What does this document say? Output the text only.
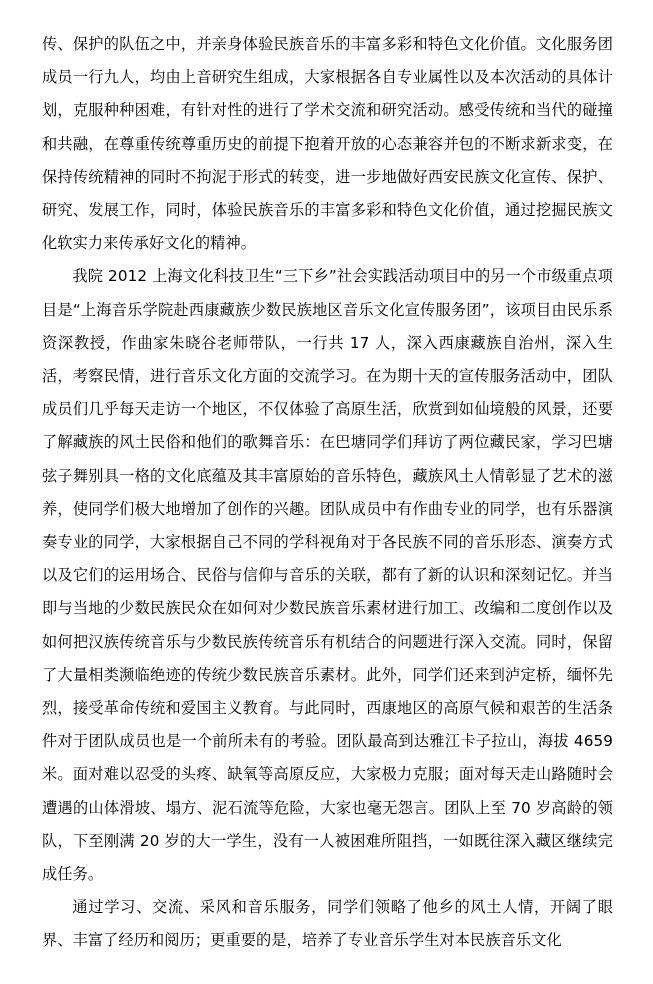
传、保护的队伍之中，并亲身体验民族音乐的丰富多彩和特色文化价值。文化服务团成员一行九人，均由上音研究生组成，大家根据各自专业属性以及本次活动的具体计划，克服种种困难，有针对性的进行了学术交流和研究活动。感受传统和当代的碰撞和共融，在尊重传统尊重历史的前提下抱着开放的心态兼容并包的不断求新求变，在保持传统精神的同时不拘泥于形式的转变，进一步地做好西安民族文化宣传、保护、研究、发展工作，同时，体验民族音乐的丰富多彩和特色文化价值，通过挖掘民族文化软实力来传承好文化的精神。

我院 2012 上海文化科技卫生“三下乡”社会实践活动项目中的另一个市级重点项目是“上海音乐学院赴西康藏族少数民族地区音乐文化宣传服务团”，该项目由民乐系资深教授，作曲家朱晓谷老师带队，一行共 17 人，深入西康藏族自治州，深入生活，考察民情，进行音乐文化方面的交流学习。在为期十天的宣传服务活动中，团队成员们几乎每天走访一个地区，不仅体验了高原生活，欣赏到如仙境般的风景，还要了解藏族的风土民俗和他们的歌舞音乐：在巴塘同学们拜访了两位藏民家，学习巴塘弦子舞别具一格的文化底蕴及其丰富原始的音乐特色，藏族风土人情彰显了艺术的滋养，使同学们极大地增加了创作的兴趣。团队成员中有作曲专业的同学，也有乐器演奏专业的同学，大家根据自己不同的学科视角对于各民族不同的音乐形态、演奏方式以及它们的运用场合、民俗与信仰与音乐的关联，都有了新的认识和深刻记忆。并当即与当地的少数民族民众在如何对少数民族音乐素材进行加工、改编和二度创作以及如何把汉族传统音乐与少数民族传统音乐有机结合的问题进行深入交流。同时，保留了大量相类濒临绝迹的传统少数民族音乐素材。此外，同学们还来到泸定桥，缅怀先烈，接受革命传统和爱国主义教育。与此同时，西康地区的高原气候和艰苦的生活条件对于团队成员也是一个前所未有的考验。团队最高到达雅江卡子拉山，海拔 4659 米。面对难以忍受的头疼、缺氧等高原反应，大家极力克服；面对每天走山路随时会遭遇的山体滑坡、塌方、泥石流等危险，大家也毫无怨言。团队上至 70 岁高龄的领队，下至刚满 20 岁的大一学生，没有一人被困难所阻挡，一如既往深入藏区继续完成任务。

通过学习、交流、采风和音乐服务，同学们领略了他乡的风土人情，开阔了眼界、丰富了经历和阅历；更重要的是，培养了专业音乐学生对本民族音乐文化
